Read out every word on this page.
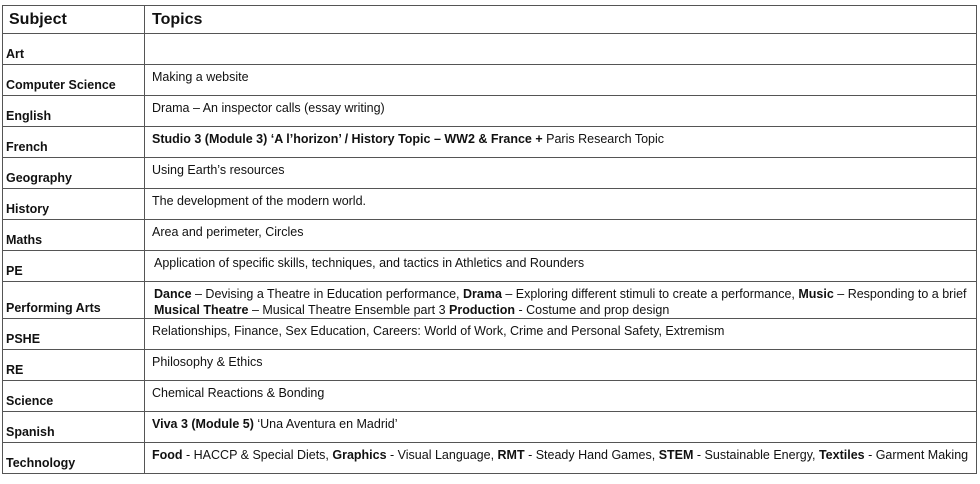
Subject	Topics
Art	
Computer Science	Making a website
English	Drama – An inspector calls (essay writing)
French	Studio 3 (Module 3) ‘A l’horizon’ / History Topic – WW2 & France + Paris Research Topic
Geography	Using Earth’s resources
History	The development of the modern world.
Maths	Area and perimeter, Circles
PE	Application of specific skills, techniques, and tactics in Athletics and Rounders
Performing Arts	Dance – Devising a Theatre in Education performance, Drama – Exploring different stimuli to create a performance, Music – Responding to a brief Musical Theatre – Musical Theatre Ensemble part 3 Production - Costume and prop design
PSHE	Relationships, Finance, Sex Education, Careers: World of Work, Crime and Personal Safety, Extremism
RE	Philosophy & Ethics
Science	Chemical Reactions & Bonding
Spanish	Viva 3 (Module 5) ‘Una Aventura en Madrid’
Technology	Food - HACCP & Special Diets, Graphics - Visual Language, RMT - Steady Hand Games, STEM - Sustainable Energy, Textiles - Garment Making
